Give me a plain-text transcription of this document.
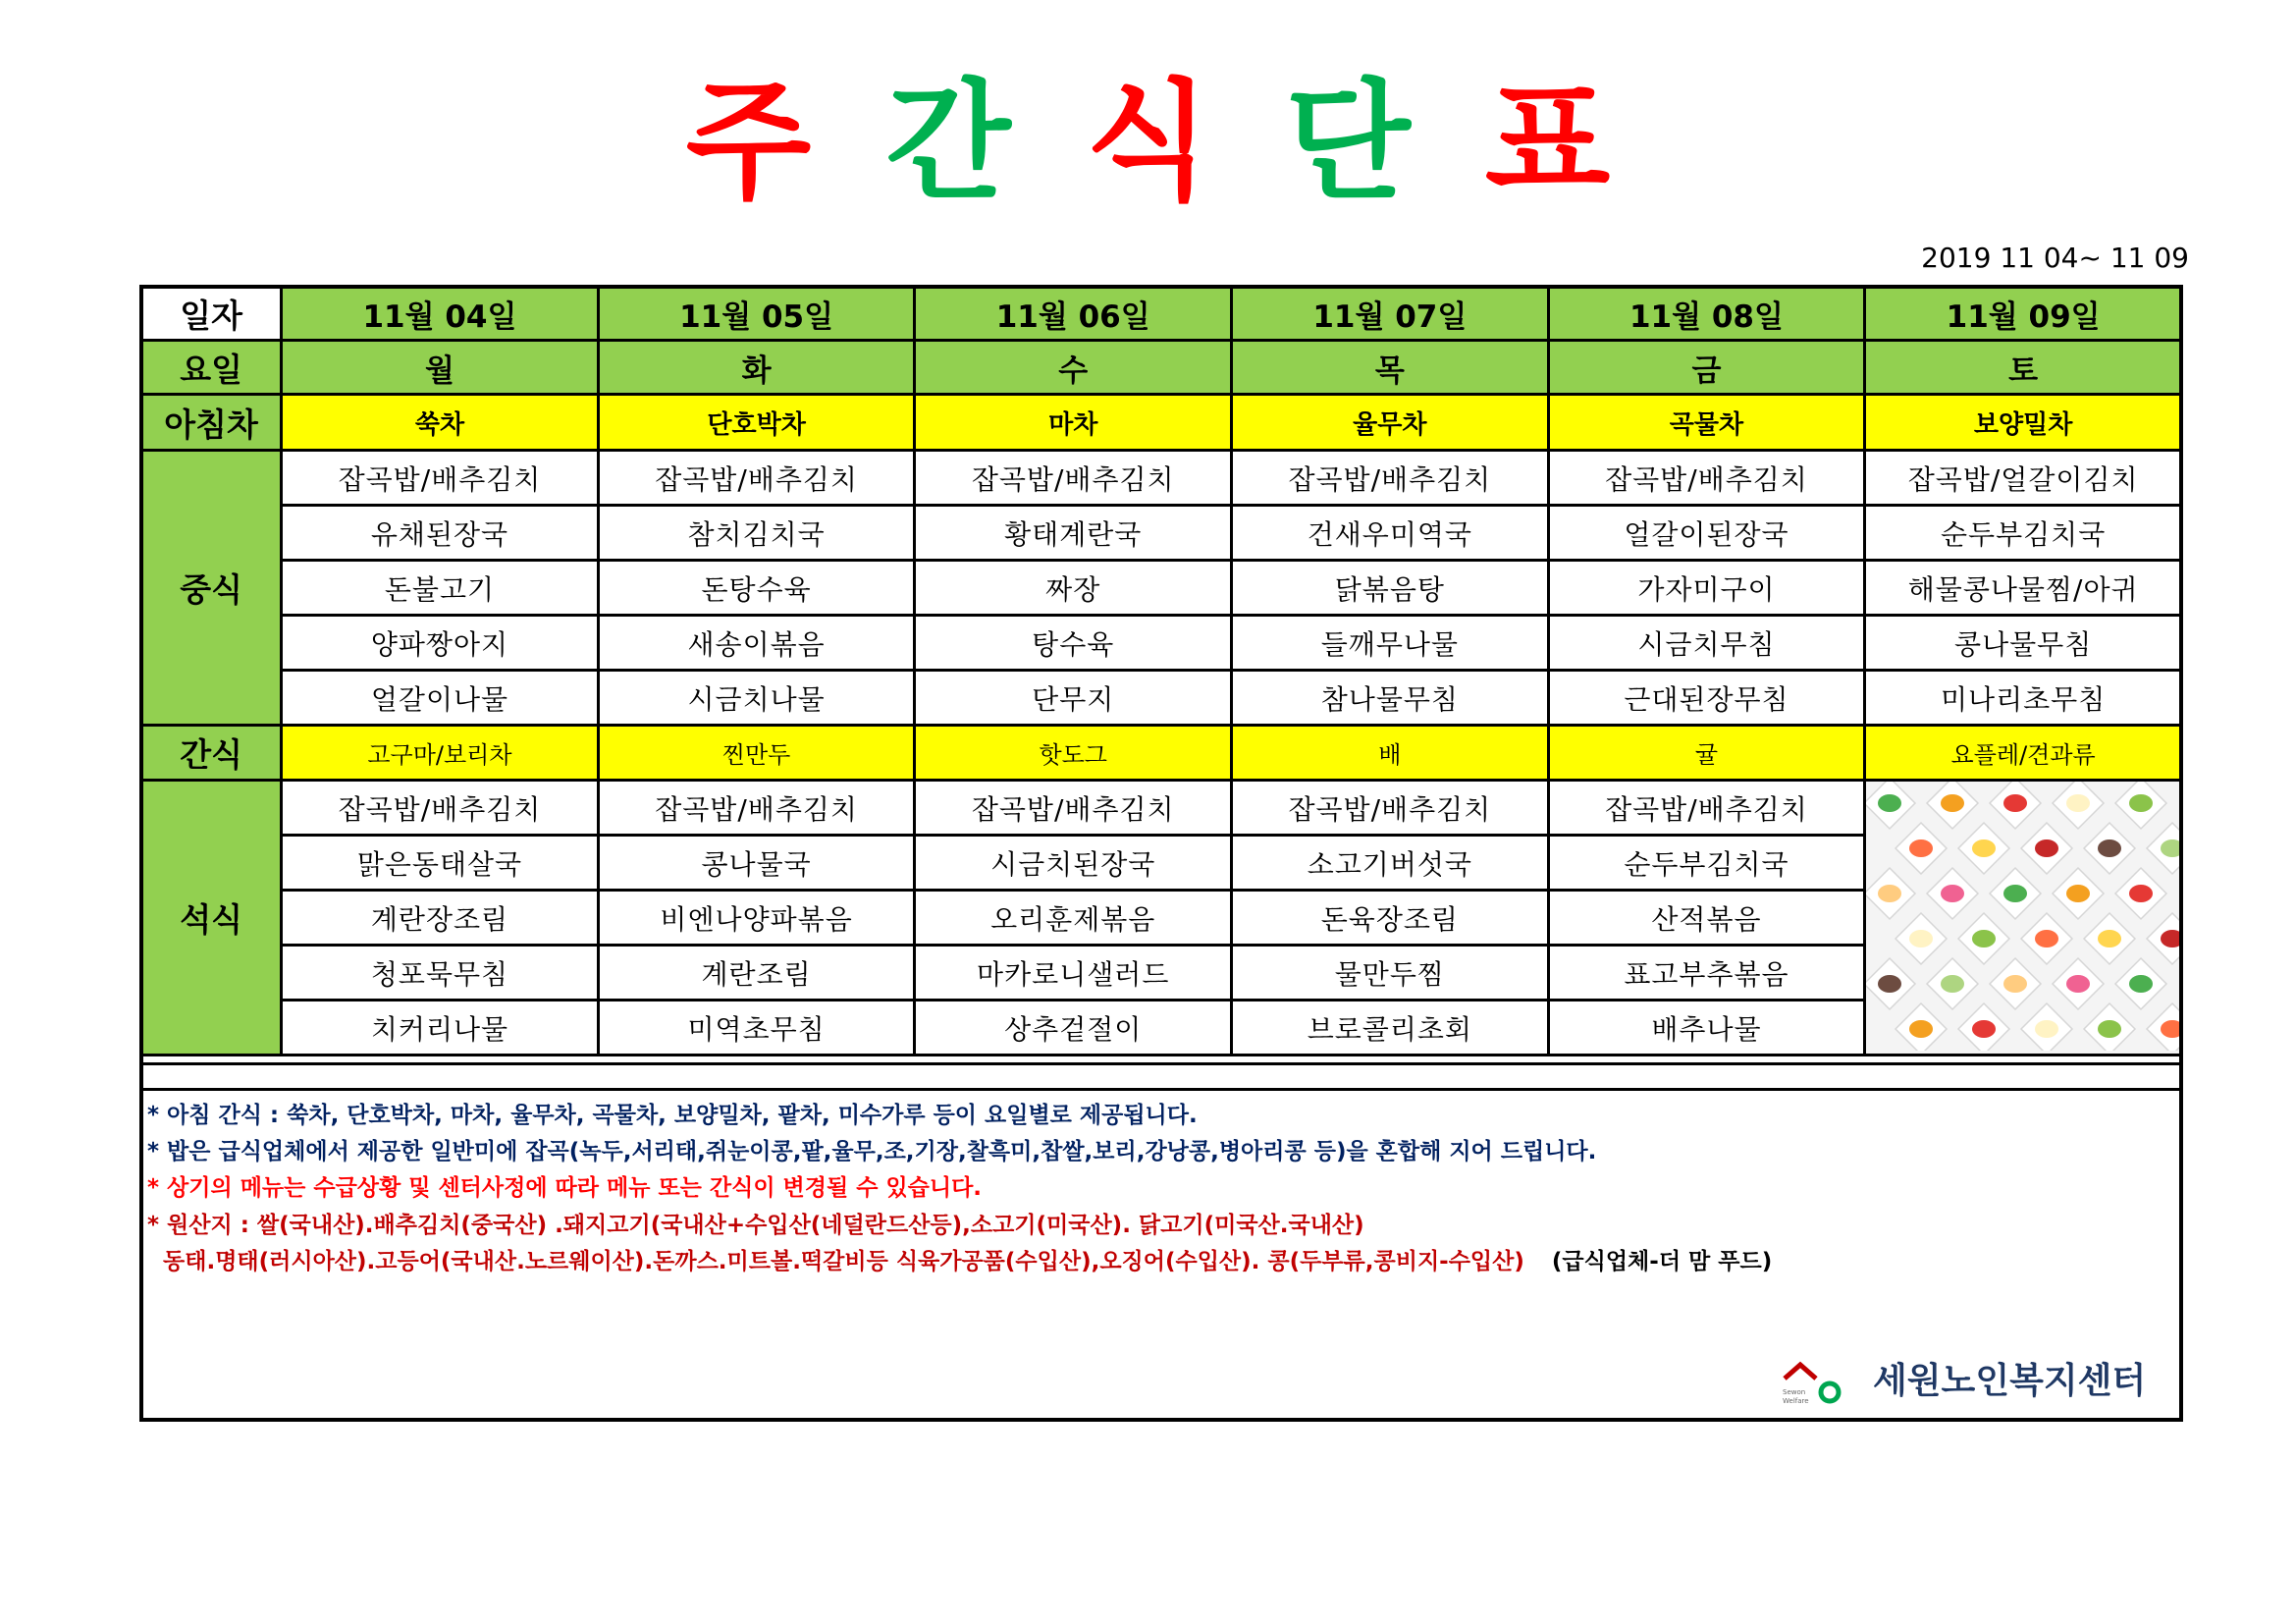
주 간 식 단 표
2019 11 04~ 11 09
일자	11월 04일	11월 05일	11월 06일	11월 07일	11월 08일	11월 09일
요일	월	화	수	목	금	토
아침차	쑥차	단호박차	마차	율무차	곡물차	보양밀차
중식	잡곡밥/배추김치	잡곡밥/배추김치	잡곡밥/배추김치	잡곡밥/배추김치	잡곡밥/배추김치	잡곡밥/얼갈이김치
	유채된장국	참치김치국	황태계란국	건새우미역국	얼갈이된장국	순두부김치국
	돈불고기	돈탕수육	짜장	닭볶음탕	가자미구이	해물콩나물찜/아귀
	양파짱아지	새송이볶음	탕수육	들깨무나물	시금치무침	콩나물무침
	얼갈이나물	시금치나물	단무지	참나물무침	근대된장무침	미나리초무침
간식	고구마/보리차	찐만두	핫도그	배	귤	요플레/견과류
석식	잡곡밥/배추김치	잡곡밥/배추김치	잡곡밥/배추김치	잡곡밥/배추김치	잡곡밥/배추김치	

	맑은동태살국	콩나물국	시금치된장국	소고기버섯국	순두부김치국	
	계란장조림	비엔나양파볶음	오리훈제볶음	돈육장조림	산적볶음	
	청포묵무침	계란조림	마카로니샐러드	물만두찜	표고부추볶음	
	치커리나물	미역초무침	상추겉절이	브로콜리초회	배추나물	
* 아침 간식 : 쑥차, 단호박차, 마차, 율무차, 곡물차, 보양밀차, 팥차, 미수가루 등이 요일별로 제공됩니다.
* 밥은 급식업체에서 제공한 일반미에 잡곡(녹두,서리태,쥐눈이콩,팥,율무,조,기장,찰흑미,찹쌀,보리,강낭콩,병아리콩 등)을 혼합해 지어 드립니다.
* 상기의 메뉴는 수급상황 및 센터사정에 따라 메뉴 또는 간식이 변경될 수 있습니다.
* 원산지 : 쌀(국내산).배추김치(중국산) .돼지고기(국내산+수입산(네덜란드산등),소고기(미국산). 닭고기(미국산.국내산)
동태.명태(러시아산).고등어(국내산.노르웨이산).돈까스.미트볼.떡갈비등 식육가공품(수입산),오징어(수입산). 콩(두부류,콩비지-수입산) (급식업체-더 맘 푸드)
Sewon
Welfare 세원노인복지센터
